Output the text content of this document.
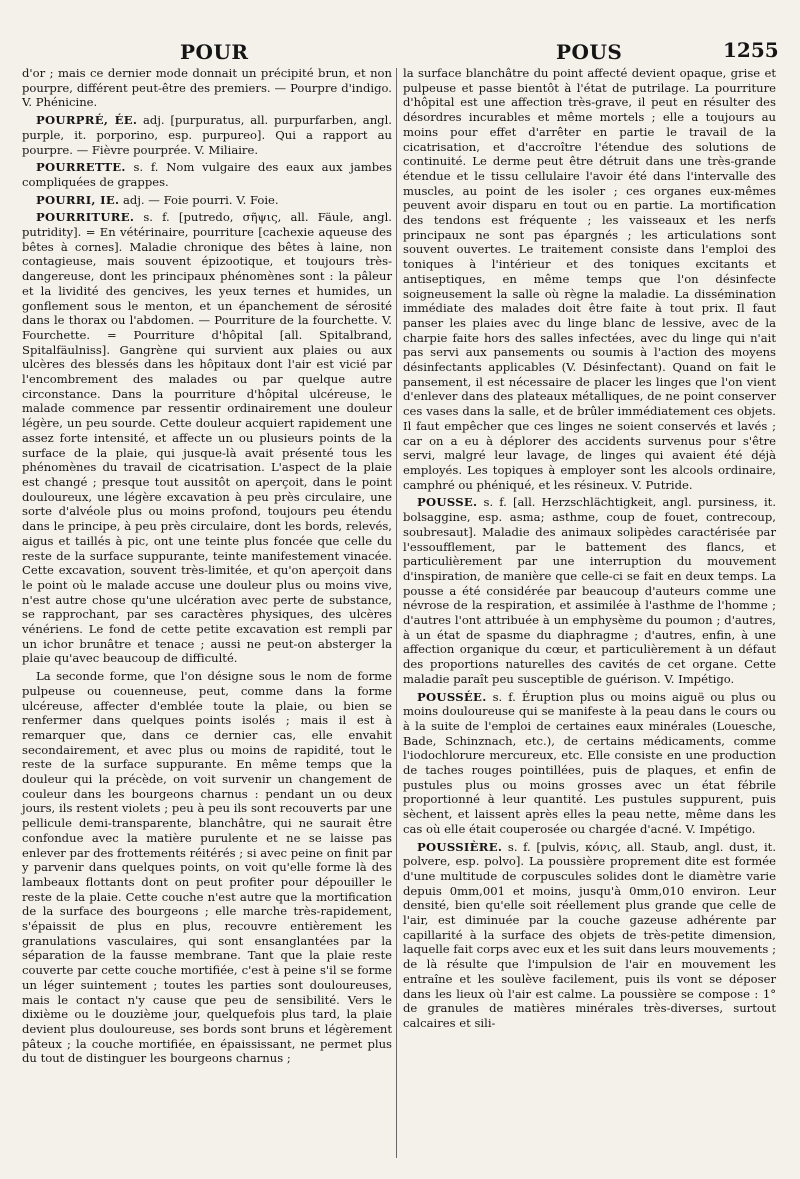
POUR	POUS	1255

d'or ; mais ce dernier mode donnait un précipité brun, et non pourpre, différent peut-être des premiers. — Pourpre d'indigo. V. Phénicine.

POURPRÉ, ÉE. adj. [purpuratus, all. purpurfarben, angl. purple, it. porporino, esp. purpureo]. Qui a rapport au pourpre. — Fièvre pourprée. V. Miliaire.

POURRETTE. s. f. Nom vulgaire des eaux aux jambes compliquées de grappes.

POURRI, IE. adj. — Foie pourri. V. Foie.

POURRITURE. s. f. [putredo, σῆψις, all. Fäule, angl. putridity]. = En vétérinaire, pourriture [cachexie aqueuse des bêtes à cornes]. Maladie chronique des bêtes à laine, non contagieuse, mais souvent épizootique, et toujours très-dangereuse, dont les principaux phénomènes sont : la pâleur et la lividité des gencives, les yeux ternes et humides, un gonflement sous le menton, et un épanchement de sérosité dans le thorax ou l'abdomen. — Pourriture de la fourchette. V. Fourchette. = Pourriture d'hôpital [all. Spitalbrand, Spitalfäulniss]. Gangrène qui survient aux plaies ou aux ulcères des blessés dans les hôpitaux dont l'air est vicié par l'encombrement des malades ou par quelque autre circonstance. Dans la pourriture d'hôpital ulcéreuse, le malade commence par ressentir ordinairement une douleur légère, un peu sourde. Cette douleur acquiert rapidement une assez forte intensité, et affecte un ou plusieurs points de la surface de la plaie, qui jusque-là avait présenté tous les phénomènes du travail de cicatrisation. L'aspect de la plaie est changé ; presque tout aussitôt on aperçoit, dans le point douloureux, une légère excavation à peu près circulaire, une sorte d'alvéole plus ou moins profond, toujours peu étendu dans le principe, à peu près circulaire, dont les bords, relevés, aigus et taillés à pic, ont une teinte plus foncée que celle du reste de la surface suppurante, teinte manifestement vinacée. Cette excavation, souvent très-limitée, et qu'on aperçoit dans le point où le malade accuse une douleur plus ou moins vive, n'est autre chose qu'une ulcération avec perte de substance, se rapprochant, par ses caractères physiques, des ulcères vénériens. Le fond de cette petite excavation est rempli par un ichor brunâtre et tenace ; aussi ne peut-on absterger la plaie qu'avec beaucoup de difficulté.

La seconde forme, que l'on désigne sous le nom de forme pulpeuse ou couenneuse, peut, comme dans la forme ulcéreuse, affecter d'emblée toute la plaie, ou bien se renfermer dans quelques points isolés ; mais il est à remarquer que, dans ce dernier cas, elle envahit secondairement, et avec plus ou moins de rapidité, tout le reste de la surface suppurante. En même temps que la douleur qui la précède, on voit survenir un changement de couleur dans les bourgeons charnus : pendant un ou deux jours, ils restent violets ; peu à peu ils sont recouverts par une pellicule demi-transparente, blanchâtre, qui ne saurait être confondue avec la matière purulente et ne se laisse pas enlever par des frottements réitérés ; si avec peine on finit par y parvenir dans quelques points, on voit qu'elle forme là des lambeaux flottants dont on peut profiter pour dépouiller le reste de la plaie. Cette couche n'est autre que la mortification de la surface des bourgeons ; elle marche très-rapidement, s'épaissit de plus en plus, recouvre entièrement les granulations vasculaires, qui sont ensanglantées par la séparation de la fausse membrane. Tant que la plaie reste couverte par cette couche mortifiée, c'est à peine s'il se forme un léger suintement ; toutes les parties sont douloureuses, mais le contact n'y cause que peu de sensibilité. Vers le dixième ou le douzième jour, quelquefois plus tard, la plaie devient plus douloureuse, ses bords sont bruns et légèrement pâteux ; la couche mortifiée, en épaississant, ne permet plus du tout de distinguer les bourgeons charnus ;

la surface blanchâtre du point affecté devient opaque, grise et pulpeuse et passe bientôt à l'état de putrilage. La pourriture d'hôpital est une affection très-grave, il peut en résulter des désordres incurables et même mortels ; elle a toujours au moins pour effet d'arrêter en partie le travail de la cicatrisation, et d'accroître l'étendue des solutions de continuité. Le derme peut être détruit dans une très-grande étendue et le tissu cellulaire l'avoir été dans l'intervalle des muscles, au point de les isoler ; ces organes eux-mêmes peuvent avoir disparu en tout ou en partie. La mortification des tendons est fréquente ; les vaisseaux et les nerfs principaux ne sont pas épargnés ; les articulations sont souvent ouvertes. Le traitement consiste dans l'emploi des toniques à l'intérieur et des toniques excitants et antiseptiques, en même temps que l'on désinfecte soigneusement la salle où règne la maladie. La dissémination immédiate des malades doit être faite à tout prix. Il faut panser les plaies avec du linge blanc de lessive, avec de la charpie faite hors des salles infectées, avec du linge qui n'ait pas servi aux pansements ou soumis à l'action des moyens désinfectants applicables (V. Désinfectant). Quand on fait le pansement, il est nécessaire de placer les linges que l'on vient d'enlever dans des plateaux métalliques, de ne point conserver ces vases dans la salle, et de brûler immédiatement ces objets. Il faut empêcher que ces linges ne soient conservés et lavés ; car on a eu à déplorer des accidents survenus pour s'être servi, malgré leur lavage, de linges qui avaient été déjà employés. Les topiques à employer sont les alcools ordinaire, camphré ou phéniqué, et les résineux. V. Putride.

POUSSE. s. f. [all. Herzschlächtigkeit, angl. pursiness, it. bolsaggine, esp. asma; asthme, coup de fouet, contrecoup, soubresaut]. Maladie des animaux solipèdes caractérisée par l'essoufflement, par le battement des flancs, et particulièrement par une interruption du mouvement d'inspiration, de manière que celle-ci se fait en deux temps. La pousse a été considérée par beaucoup d'auteurs comme une névrose de la respiration, et assimilée à l'asthme de l'homme ; d'autres l'ont attribuée à un emphysème du poumon ; d'autres, à un état de spasme du diaphragme ; d'autres, enfin, à une affection organique du cœur, et particulièrement à un défaut des proportions naturelles des cavités de cet organe. Cette maladie paraît peu susceptible de guérison. V. Impétigo.

POUSSÉE. s. f. Éruption plus ou moins aiguë ou plus ou moins douloureuse qui se manifeste à la peau dans le cours ou à la suite de l'emploi de certaines eaux minérales (Louesche, Bade, Schinznach, etc.), de certains médicaments, comme l'iodochlorure mercureux, etc. Elle consiste en une production de taches rouges pointillées, puis de plaques, et enfin de pustules plus ou moins grosses avec un état fébrile proportionné à leur quantité. Les pustules suppurent, puis sèchent, et laissent après elles la peau nette, même dans les cas où elle était couperosée ou chargée d'acné. V. Impétigo.

POUSSIÈRE. s. f. [pulvis, κόνις, all. Staub, angl. dust, it. polvere, esp. polvo]. La poussière proprement dite est formée d'une multitude de corpuscules solides dont le diamètre varie depuis 0mm,001 et moins, jusqu'à 0mm,010 environ. Leur densité, bien qu'elle soit réellement plus grande que celle de l'air, est diminuée par la couche gazeuse adhérente par capillarité à la surface des objets de très-petite dimension, laquelle fait corps avec eux et les suit dans leurs mouvements ; de là résulte que l'impulsion de l'air en mouvement les entraîne et les soulève facilement, puis ils vont se déposer dans les lieux où l'air est calme. La poussière se compose : 1° de granules de matières minérales très-diverses, surtout calcaires et sili-
